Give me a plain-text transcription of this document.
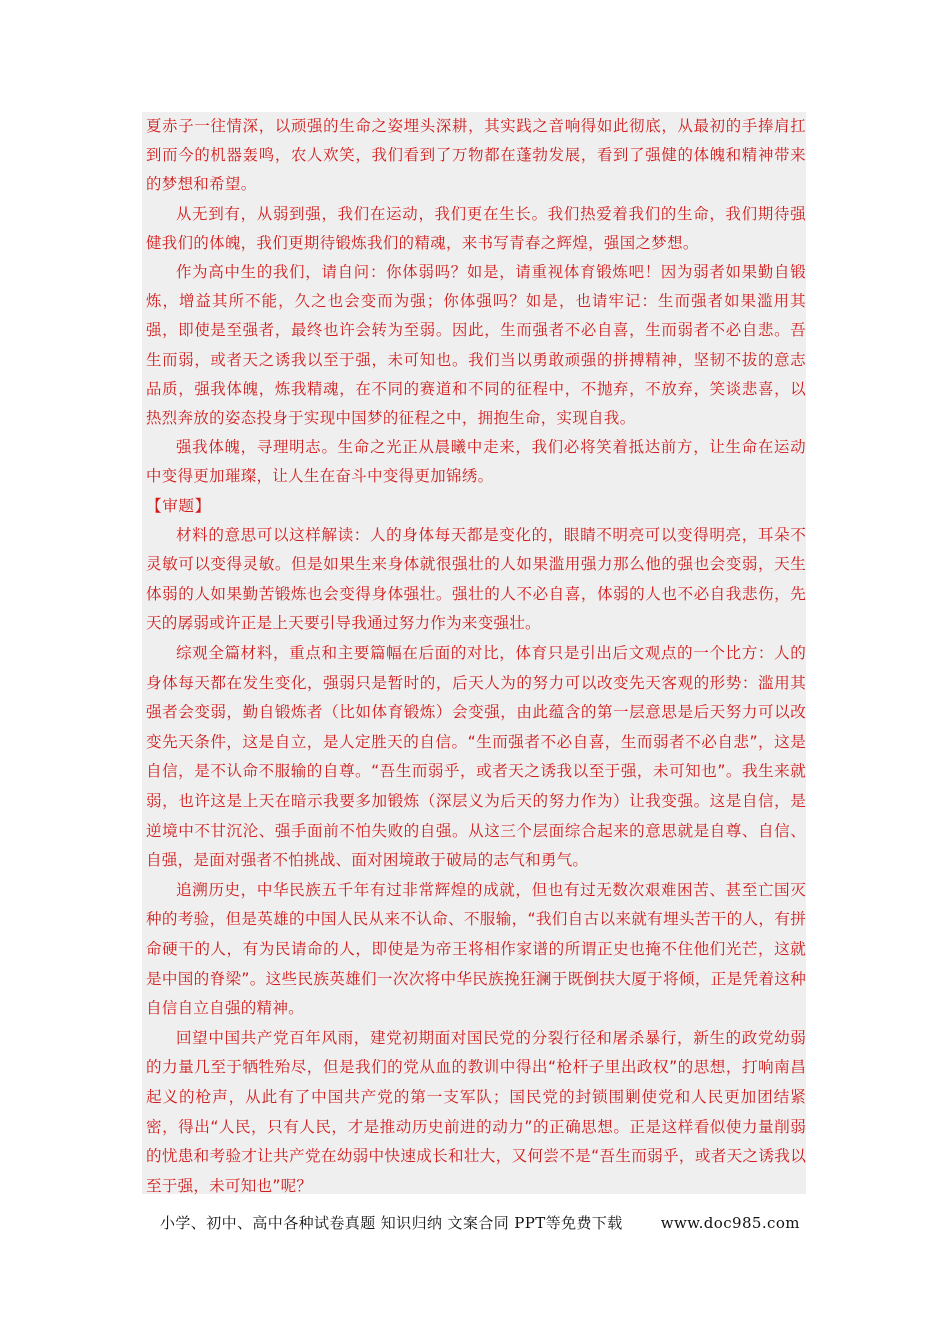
夏赤子一往情深，以顽强的生命之姿埋头深耕，其实践之音响得如此彻底，从最初的手捧肩扛到而今的机器轰鸣，农人欢笑，我们看到了万物都在蓬勃发展，看到了强健的体魄和精神带来的梦想和希望。

从无到有，从弱到强，我们在运动，我们更在生长。我们热爱着我们的生命，我们期待强健我们的体魄，我们更期待锻炼我们的精魂，来书写青春之辉煌，强国之梦想。

作为高中生的我们，请自问：你体弱吗？如是，请重视体育锻炼吧！因为弱者如果勤自锻炼，增益其所不能，久之也会变而为强；你体强吗？如是，也请牢记：生而强者如果滥用其强，即使是至强者，最终也许会转为至弱。因此，生而强者不必自喜，生而弱者不必自悲。吾生而弱，或者天之诱我以至于强，未可知也。我们当以勇敢顽强的拼搏精神，坚韧不拔的意志品质，强我体魄，炼我精魂，在不同的赛道和不同的征程中，不抛弃，不放弃，笑谈悲喜，以热烈奔放的姿态投身于实现中国梦的征程之中，拥抱生命，实现自我。

强我体魄，寻理明志。生命之光正从晨曦中走来，我们必将笑着抵达前方，让生命在运动中变得更加璀璨，让人生在奋斗中变得更加锦绣。

【审题】

材料的意思可以这样解读：人的身体每天都是变化的，眼睛不明亮可以变得明亮，耳朵不灵敏可以变得灵敏。但是如果生来身体就很强壮的人如果滥用强力那么他的强也会变弱，天生体弱的人如果勤苦锻炼也会变得身体强壮。强壮的人不必自喜，体弱的人也不必自我悲伤，先天的孱弱或许正是上天要引导我通过努力作为来变强壮。

综观全篇材料，重点和主要篇幅在后面的对比，体育只是引出后文观点的一个比方：人的身体每天都在发生变化，强弱只是暂时的，后天人为的努力可以改变先天客观的形势：滥用其强者会变弱，勤自锻炼者（比如体育锻炼）会变强，由此蕴含的第一层意思是后天努力可以改变先天条件，这是自立，是人定胜天的自信。“生而强者不必自喜，生而弱者不必自悲”，这是自信，是不认命不服输的自尊。“吾生而弱乎，或者天之诱我以至于强，未可知也”。我生来就弱，也许这是上天在暗示我要多加锻炼（深层义为后天的努力作为）让我变强。这是自信，是逆境中不甘沉沦、强手面前不怕失败的自强。从这三个层面综合起来的意思就是自尊、自信、自强，是面对强者不怕挑战、面对困境敢于破局的志气和勇气。

追溯历史，中华民族五千年有过非常辉煌的成就，但也有过无数次艰难困苦、甚至亡国灭种的考验，但是英雄的中国人民从来不认命、不服输，“我们自古以来就有埋头苦干的人，有拼命硬干的人，有为民请命的人，即使是为帝王将相作家谱的所谓正史也掩不住他们光芒，这就是中国的脊梁”。这些民族英雄们一次次将中华民族挽狂澜于既倒扶大厦于将倾，正是凭着这种自信自立自强的精神。

回望中国共产党百年风雨，建党初期面对国民党的分裂行径和屠杀暴行，新生的政党幼弱的力量几至于牺牲殆尽，但是我们的党从血的教训中得出“枪杆子里出政权”的思想，打响南昌起义的枪声，从此有了中国共产党的第一支军队；国民党的封锁围剿使党和人民更加团结紧密，得出“人民，只有人民，才是推动历史前进的动力”的正确思想。正是这样看似使力量削弱的忧患和考验才让共产党在幼弱中快速成长和壮大，又何尝不是“吾生而弱乎，或者天之诱我以至于强，未可知也”呢？

小学、初中、高中各种试卷真题 知识归纳 文案合同 PPT等免费下载	www.doc985.com
